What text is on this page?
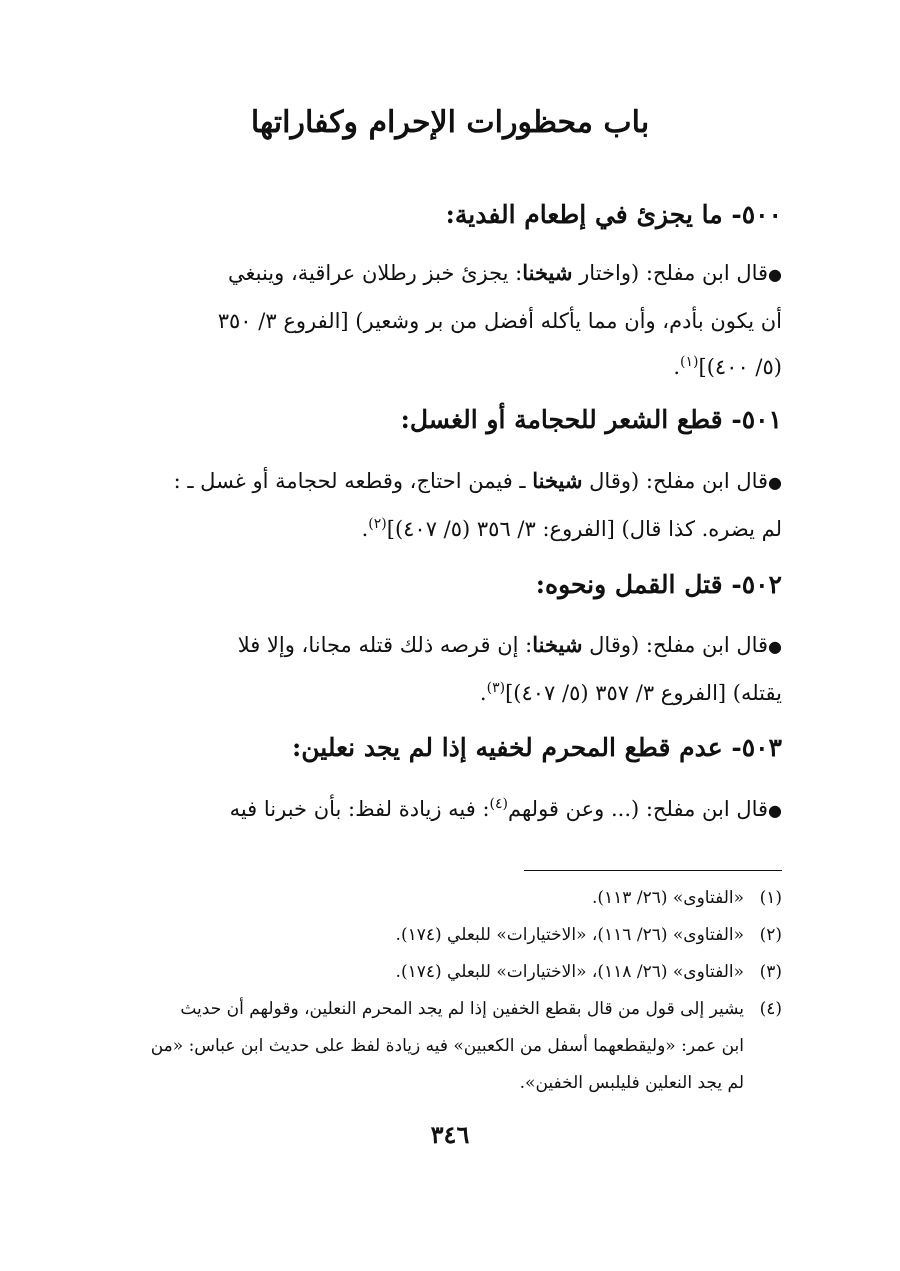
باب محظورات الإحرام وكفاراتها
٥٠٠- ما يجزئ في إطعام الفدية:
●قال ابن مفلح: (واختار شيخنا: يجزئ خبز رطلان عراقية، وينبغي
أن يكون بأدم، وأن مما يأكله أفضل من بر وشعير) [الفروع ٣/ ٣٥٠
(٥/ ٤٠٠)]$^{(١)}$.
٥٠١- قطع الشعر للحجامة أو الغسل:
●قال ابن مفلح: (وقال شيخنا ـ فيمن احتاج، وقطعه لحجامة أو غسل ـ :
لم يضره. كذا قال) [الفروع: ٣/ ٣٥٦ (٥/ ٤٠٧)]$^{(٢)}$.
٥٠٢- قتل القمل ونحوه:
●قال ابن مفلح: (وقال شيخنا: إن قرصه ذلك قتله مجانا، وإلا فلا
يقتله) [الفروع ٣/ ٣٥٧ (٥/ ٤٠٧)]$^{(٣)}$.
٥٠٣- عدم قطع المحرم لخفيه إذا لم يجد نعلين:
●قال ابن مفلح: (... وعن قولهم$^{(٤)}$: فيه زيادة لفظ: بأن خبرنا فيه
(١)«الفتاوى» (٢٦/ ١١٣).
(٢)«الفتاوى» (٢٦/ ١١٦)، «الاختيارات» للبعلي (١٧٤).
(٣)«الفتاوى» (٢٦/ ١١٨)، «الاختيارات» للبعلي (١٧٤).
(٤)يشير إلى قول من قال بقطع الخفين إذا لم يجد المحرم النعلين، وقولهم أن حديث
ابن عمر: «وليقطعهما أسفل من الكعبين» فيه زيادة لفظ على حديث ابن عباس: «من
لم يجد النعلين فليلبس الخفين».
٣٤٦
